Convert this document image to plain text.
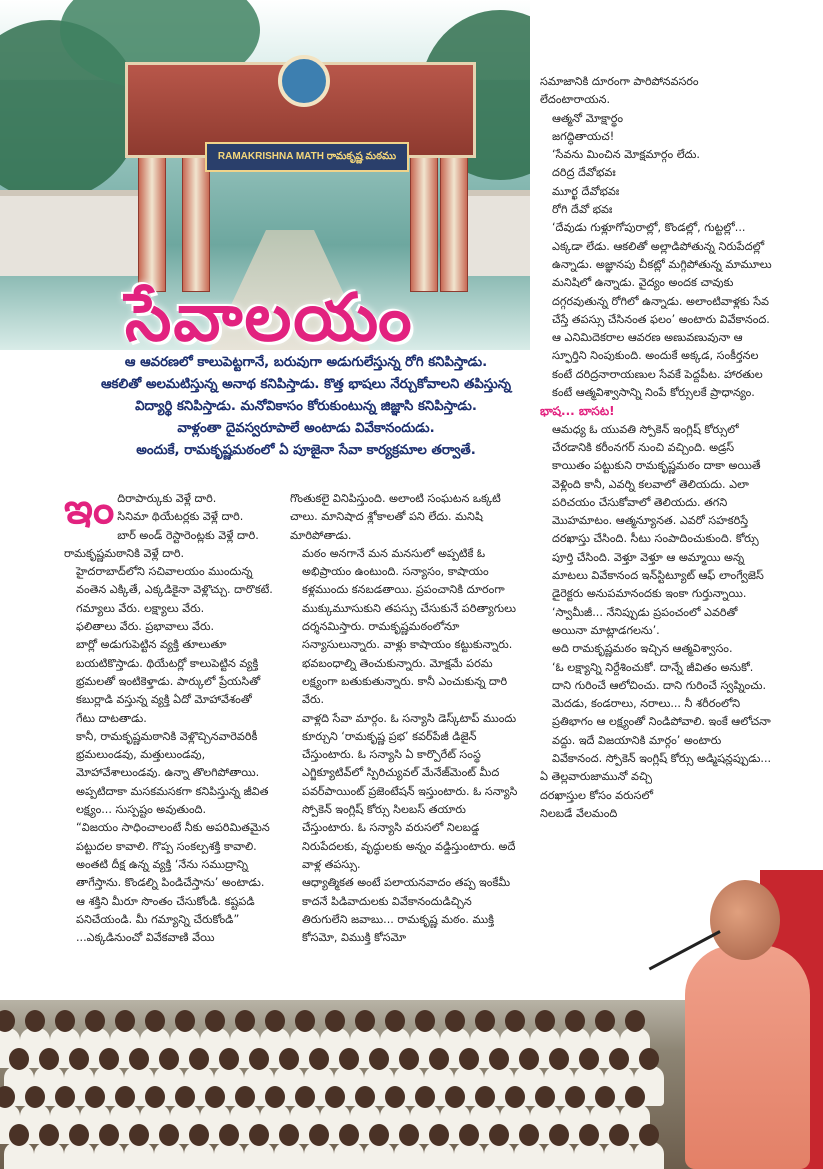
RAMAKRISHNA MATH రామకృష్ణ మఠము
సేవాలయం

ఆ ఆవరణలో కాలుపెట్టగానే, బరువుగా అడుగులేస్తున్న రోగి కనిపిస్తాడు.

ఆకలితో అలమటిస్తున్న అనాథ కనిపిస్తాడు. కొత్త భాషలు నేర్చుకోవాలని తపిస్తున్న

విద్యార్థి కనిపిస్తాడు. మనోవికాసం కోరుకుంటున్న జిజ్ఞాసి కనిపిస్తాడు.

వాళ్లంతా దైవస్వరూపాలే అంటాడు వివేకానందుడు.

అందుకే, రామకృష్ణమఠంలో ఏ పూజైనా సేవా కార్యక్రమాల తర్వాతే.

ఇం దిరాపార్కుకు వెళ్లే దారి.

సినిమా థియేటర్లకు వెళ్లే దారి.

బార్ అండ్ రెస్టారెంట్లకు వెళ్లే దారి.

రామకృష్ణమఠానికి వెళ్లే దారి.

హైదరాబాద్‌లోని సచివాలయం ముందున్న వంతెన ఎక్కితే, ఎక్కడికైనా వెళ్లొచ్చు. దారొకటే.

గమ్యాలు వేరు. లక్ష్యాలు వేరు.

ఫలితాలు వేరు. ప్రభావాలు వేరు.

బార్లో అడుగుపెట్టిన వ్యక్తి తూలుతూ బయటికొస్తాడు. థియేటర్లో కాలుపెట్టిన వ్యక్తి భ్రమలతో ఇంటికెళ్తాడు. పార్కులో ప్రేయసితో కబుర్లాడి వస్తున్న వ్యక్తి ఏదో మోహావేశంతో గేటు దాటతాడు.

కానీ, రామకృష్ణమఠానికి వెళ్లొచ్చినవారెవరికీ భ్రమలుండవు, మత్తులుండవు, మోహావేశాలుండవు. ఉన్నా తొలగిపోతాయి. అప్పటిదాకా మసకమసకగా కనిపిస్తున్న జీవిత లక్ష్యం... సుస్పష్టం అవుతుంది.

“విజయం సాధించాలంటే నీకు అపరిమితమైన పట్టుదల కావాలి. గొప్ప సంకల్పశక్తి కావాలి. అంతటి దీక్ష ఉన్న వ్యక్తి ‘నేను సముద్రాన్ని తాగేస్తాను. కొండల్ని పిండిచేస్తాను’ అంటాడు. ఆ శక్తిని మీరూ సొంతం చేసుకోండి. కష్టపడి పనిచేయండి. మీ గమ్యాన్ని చేరుకోండి”

...ఎక్కడినుంచో వివేకవాణి వేయి

గొంతుకలై వినిపిస్తుంది. అలాంటి సంఘటన ఒక్కటి చాలు. మానిషాద శ్లోకాలతో పని లేదు. మనిషి మారిపోతాడు.

మఠం అనగానే మన మనసులో అప్పటికే ఓ అభిప్రాయం ఉంటుంది. సన్యాసం, కాషాయం కళ్లముందు కనబడతాయి. ప్రపంచానికి దూరంగా ముక్కుమూసుకుని తపస్సు చేసుకునే పరిత్యాగులు దర్శనమిస్తారు. రామకృష్ణమఠంలోనూ సన్యాసులున్నారు. వాళ్లు కాషాయం కట్టుకున్నారు. భవబంధాల్ని తెంచుకున్నారు. మోక్షమే పరమ లక్ష్యంగా బతుకుతున్నారు. కానీ ఎంచుకున్న దారి వేరు.

వాళ్లది సేవా మార్గం. ఓ సన్యాసి డెస్క్‌టాప్ ముందు కూర్చుని ‘రామకృష్ణ ప్రభ’ కవర్‌పేజీ డిజైన్ చేస్తుంటారు. ఓ సన్యాసి ఏ కార్పొరేట్ సంస్థ ఎగ్జిక్యూటివ్‌లో స్పిరిచ్యువల్ మేనేజ్‌మెంట్ మీద పవర్‌పాయింట్ ప్రజెంటేషన్ ఇస్తుంటారు. ఓ సన్యాసి స్పోకెన్ ఇంగ్లిష్ కోర్సు సిలబస్ తయారు చేస్తుంటారు. ఓ సన్యాసి వరుసలో నిలబడ్డ నిరుపేదలకు, వృద్ధులకు అన్నం వడ్డిస్తుంటారు. అదే వాళ్ల తపస్సు.

ఆధ్యాత్మికత అంటే పలాయనవాదం తప్ప ఇంకేమీ కాదనే పిడివాదులకు వివేకానందుడిచ్చిన తిరుగులేని జవాబు... రామకృష్ణ మఠం. ముక్తి కోసమో, విముక్తి కోసమో

సమాజానికి దూరంగా పారిపోనవసరం లేదంటారాయన.

ఆత్మనో మోక్షార్థం

జగద్ధితాయచ!

‘సేవను మించిన మోక్షమార్గం లేదు.

దరిద్ర దేవోభవః

మూర్ఖ దేవోభవః

రోగి దేవో భవః

‘దేవుడు గుళ్లూగోపురాల్లో, కొండల్లో, గుట్టల్లో... ఎక్కడా లేడు. ఆకలితో అల్లాడిపోతున్న నిరుపేదల్లో ఉన్నాడు. అజ్ఞానపు చీకట్లో మగ్గిపోతున్న మామూలు మనిషిలో ఉన్నాడు. వైద్యం అందక చావుకు దగ్గరవుతున్న రోగిలో ఉన్నాడు. అలాంటివాళ్లకు సేవ చేస్తే తపస్సు చేసినంత ఫలం’ అంటారు వివేకానంద. ఆ ఎనిమిదెకరాల ఆవరణ అణువణువునా ఆ స్ఫూర్తిని నింపుకుంది. అందుకే అక్కడ, సంకీర్తనల కంటే దరిద్రనారాయణుల సేవకే పెద్దపీట. హారతుల కంటే ఆత్మవిశ్వాసాన్ని నింపే కోర్సులకే ప్రాధాన్యం.

భాష... బాసట!

ఆమధ్య ఓ యువతి స్పోకెన్ ఇంగ్లిష్ కోర్సులో చేరడానికి కరీంనగర్ నుంచి వచ్చింది. అడ్రస్ కాయితం పట్టుకుని రామకృష్ణమఠం దాకా అయితే వెళ్లింది కానీ, ఎవర్ని కలవాలో తెలియదు. ఎలా పరిచయం చేసుకోవాలో తెలియదు. తగని మొహమాటం. ఆత్మన్యూనత. ఎవరో సహకరిస్తే దరఖాస్తు చేసింది. సీటు సంపాదించుకుంది. కోర్సు పూర్తి చేసింది. వెళ్తూ వెళ్తూ ఆ అమ్మాయి అన్న మాటలు వివేకానంద ఇన్‌స్టిట్యూట్ ఆఫ్ లాంగ్వేజెస్ డైరెక్టరు అనుపమానందకు ఇంకా గుర్తున్నాయి.

‘స్వామీజీ... నేనిప్పుడు ప్రపంచంలో ఎవరితో అయినా మాట్లాడగలను’.

అది రామకృష్ణమఠం ఇచ్చిన ఆత్మవిశ్వాసం.

‘ఓ లక్ష్యాన్ని నిర్దేశించుకో. దాన్నే జీవితం అనుకో. దాని గురించే ఆలోచించు. దాని గురించే స్వప్నించు. మెదడు, కండరాలు, నరాలు... నీ శరీరంలోని ప్రతిభాగం ఆ లక్ష్యంతో నిండిపోవాలి. ఇంకే ఆలోచనా వద్దు. ఇదే విజయానికి మార్గం’ అంటారు వివేకానంద. స్పోకెన్ ఇంగ్లిష్ కోర్సు అడ్మిషన్లప్పుడు...

ఏ తెల్లవారుజామునో వచ్చి దరఖాస్తుల కోసం వరుసలో నిలబడే వేలమంది
